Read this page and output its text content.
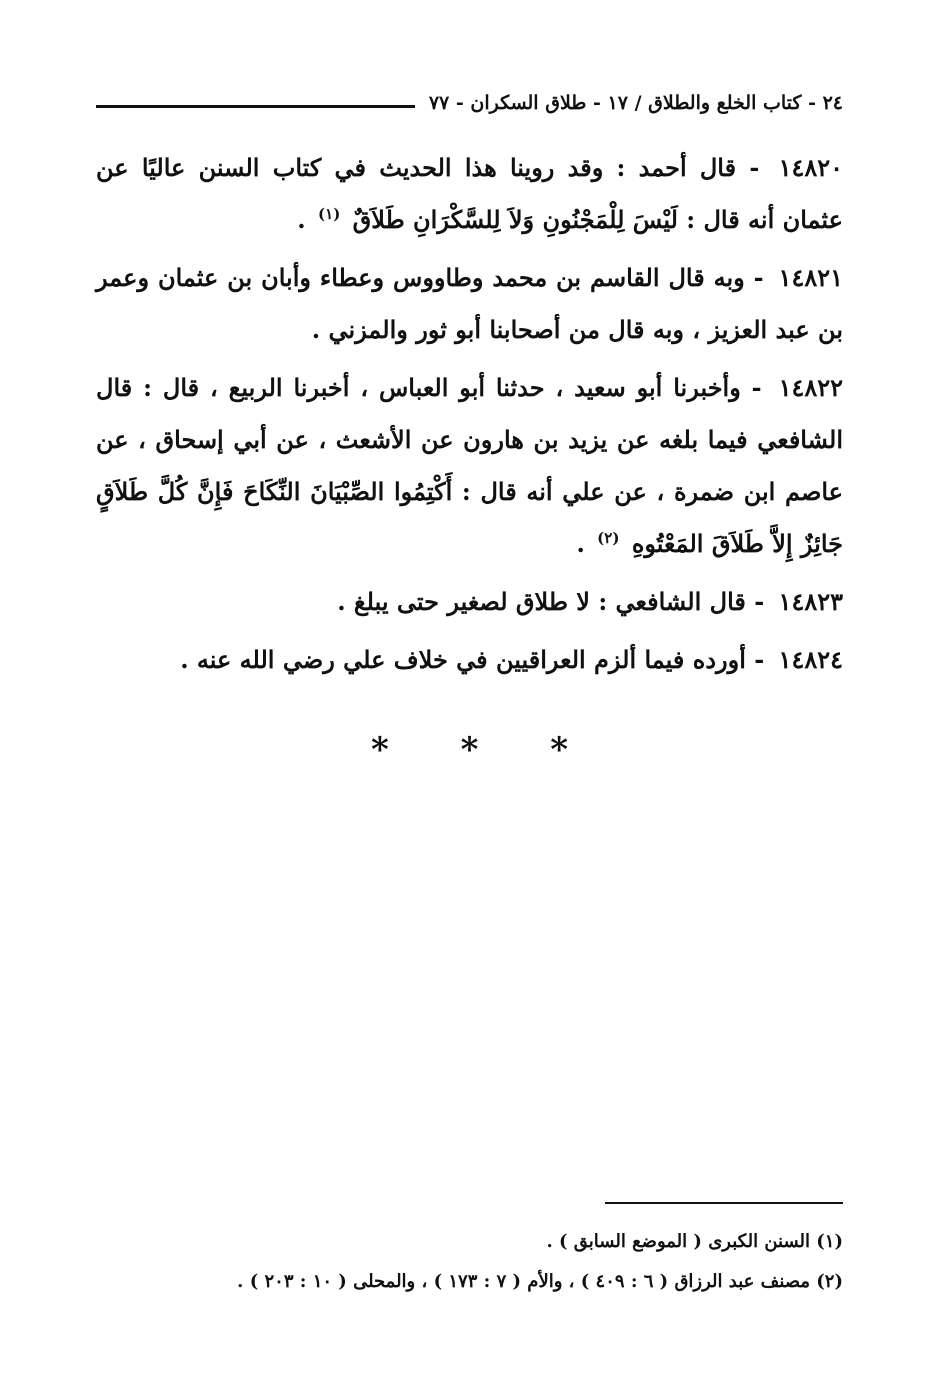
٢٤ - كتاب الخلع والطلاق / ١٧ - طلاق السكران - ٧٧

١٤٨٢٠ - قال أحمد : وقد روينا هذا الحديث في كتاب السنن عاليًا عن عثمان أنه قال : لَيْسَ لِلْمَجْنُونِ وَلاَ لِلسَّكْرَانِ طَلاَقٌ $^{(١)}$ .

١٤٨٢١ - وبه قال القاسم بن محمد وطاووس وعطاء وأبان بن عثمان وعمر بن عبد العزيز ، وبه قال من أصحابنا أبو ثور والمزني .

١٤٨٢٢ - وأخبرنا أبو سعيد ، حدثنا أبو العباس ، أخبرنا الربيع ، قال : قال الشافعي فيما بلغه عن يزيد بن هارون عن الأشعث ، عن أبي إسحاق ، عن عاصم ابن ضمرة ، عن علي أنه قال : أَكْتِمُوا الصِّبْيَانَ النِّكَاحَ فَإِنَّ كُلَّ طَلاَقٍ جَائِزٌ إِلاَّ طَلاَقَ المَعْتُوهِ $^{(٢)}$ .

١٤٨٢٣ - قال الشافعي : لا طلاق لصغير حتى يبلغ .

١٤٨٢٤ - أورده فيما ألزم العراقيين في خلاف علي رضي الله عنه .

* * *

(١) السنن الكبرى ( الموضع السابق ) .

(٢) مصنف عبد الرزاق ( ٦ : ٤٠٩ ) ، والأم ( ٧ : ١٧٣ ) ، والمحلى ( ١٠ : ٢٠٣ ) .
